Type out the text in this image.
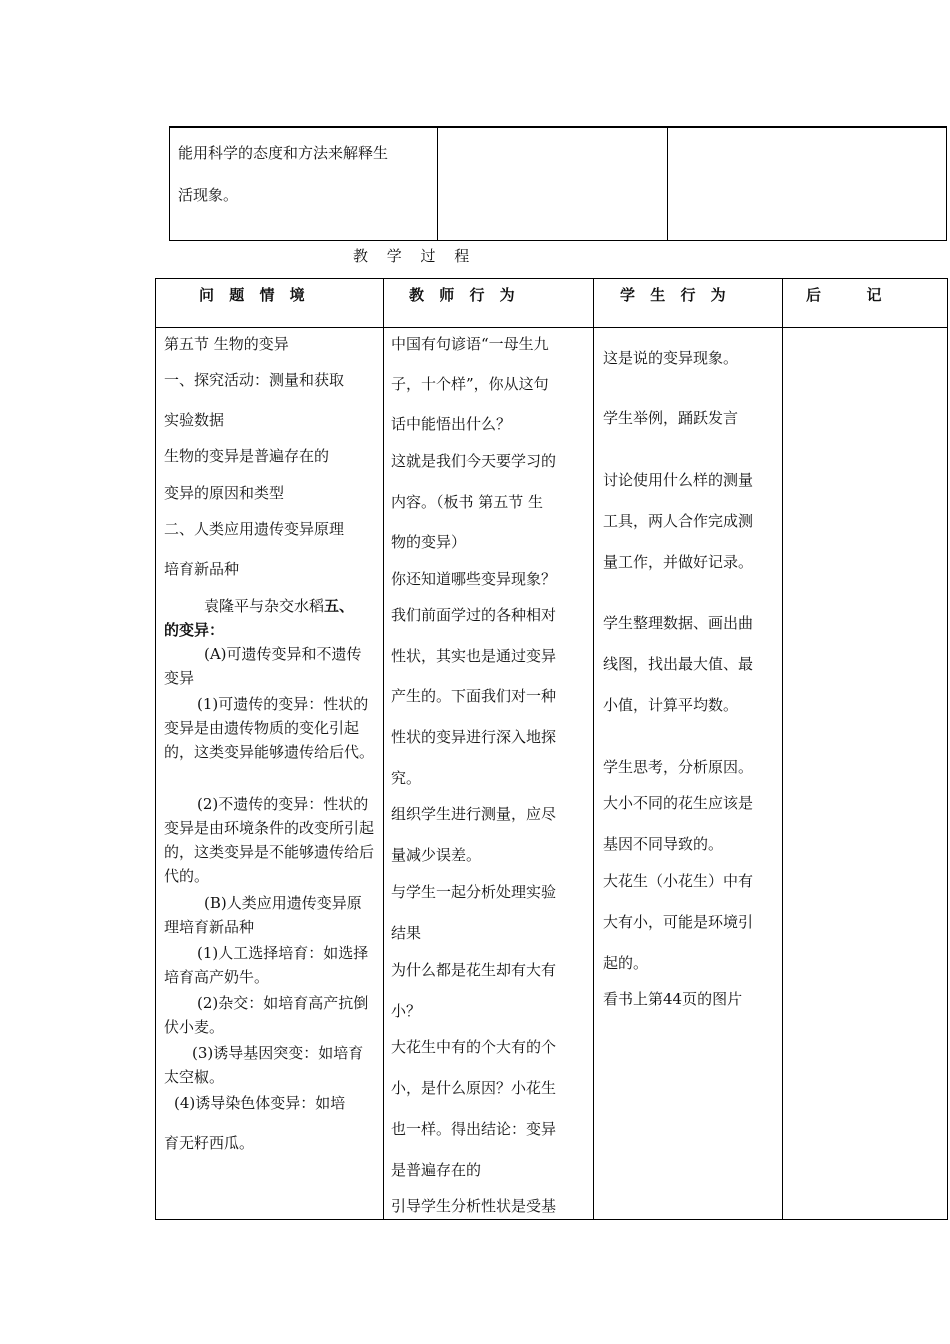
能用科学的态度和方法来解释生
活现象。
教 学 过 程
问 题 情 境
第五节 生物的变异
一、探究活动：测量和获取
实验数据
生物的变异是普遍存在的
变异的原因和类型
二、人类应用遗传变异原理
培育新品种
袁隆平与杂交水稻五、
的变异：
(A)可遗传变异和不遗传变异
(1)可遗传的变异：性状的变异是由遗传物质的变化引起的，这类变异能够遗传给后代。
(2)不遗传的变异：性状的变异是由环境条件的改变所引起的，这类变异是不能够遗传给后代的。
(B)人类应用遗传变异原理培育新品种
(1)人工选择培育：如选择培育高产奶牛。
(2)杂交：如培育高产抗倒伏小麦。
(3)诱导基因突变：如培育太空椒。
(4)诱导染色体变异：如培
育无籽西瓜。
教 师 行 为
中国有句谚语“一母生九
子，十个样”，你从这句
话中能悟出什么？
这就是我们今天要学习的
内容。（板书 第五节 生
物的变异）
你还知道哪些变异现象？
我们前面学过的各种相对
性状，其实也是通过变异
产生的。下面我们对一种
性状的变异进行深入地探
究。
组织学生进行测量，应尽
量减少误差。
与学生一起分析处理实验
结果
为什么都是花生却有大有
小？
大花生中有的个大有的个
小，是什么原因？小花生
也一样。得出结论：变异
是普遍存在的
引导学生分析性状是受基
学 生 行 为
这是说的变异现象。
学生举例，踊跃发言
讨论使用什么样的测量
工具，两人合作完成测
量工作，并做好记录。
学生整理数据、画出曲
线图，找出最大值、最
小值，计算平均数。
学生思考，分析原因。
大小不同的花生应该是
基因不同导致的。
大花生（小花生）中有
大有小，可能是环境引
起的。
看书上第44页的图片
后 　 记
